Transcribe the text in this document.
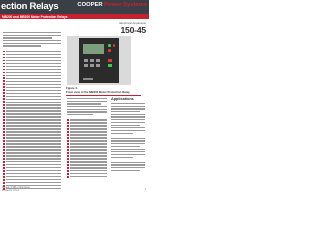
ection Relays	COOPER Power Systems
MB200 and MB300 Motor Protection Relays
Electrical Apparatus
150-45
Figure 1.
Front view of the MB300 Motor Protection Relay.
Applications
January 1996 • New Issue
Printed in U.S.A.	1
